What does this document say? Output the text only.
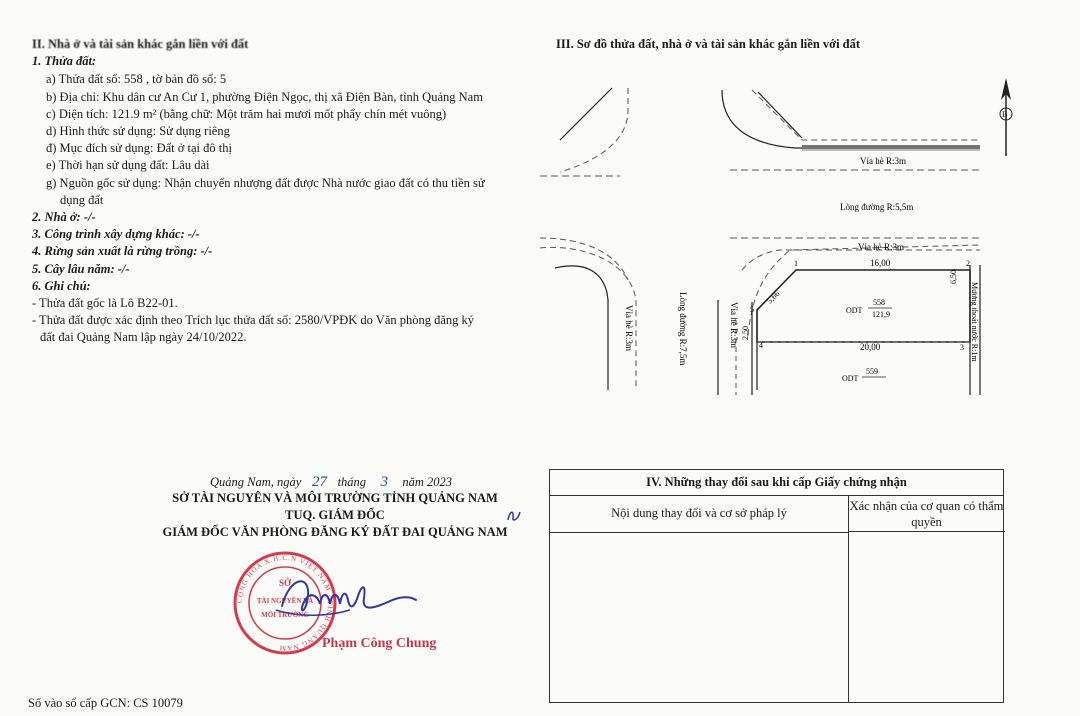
II. Nhà ở và tài sản khác gắn liền với đất
1. Thửa đất:
a) Thửa đất số: 558 , tờ bản đồ số: 5
b) Địa chỉ: Khu dân cư An Cư 1, phường Điện Ngọc, thị xã Điện Bàn, tỉnh Quảng Nam
c) Diện tích: 121.9 m² (bằng chữ: Một trăm hai mươi mốt phẩy chín mét vuông)
d) Hình thức sử dụng: Sử dụng riêng
đ) Mục đích sử dụng: Đất ở tại đô thị
e) Thời hạn sử dụng đất: Lâu dài
g) Nguồn gốc sử dụng: Nhận chuyển nhượng đất được Nhà nước giao đất có thu tiền sử
dụng đất
2. Nhà ở: -/-
3. Công trình xây dựng khác: -/-
4. Rừng sản xuất là rừng trồng: -/-
5. Cây lâu năm: -/-
6. Ghi chú:
- Thửa đất gốc là Lô B22-01.
- Thửa đất được xác định theo Trích lục thửa đất số: 2580/VPĐK do Văn phòng đăng ký
đất đai Quảng Nam lập ngày 24/10/2022.
Quảng Nam, ngày 27 tháng 3 năm 2023
SỞ TÀI NGUYÊN VÀ MÔI TRƯỜNG TỈNH QUẢNG NAM
TUQ. GIÁM ĐỐC
GIÁM ĐỐC VĂN PHÒNG ĐĂNG KÝ ĐẤT ĐAI QUẢNG NAM
CỘNG HÒA X.H.C.N VIỆT NAM · TỈNH QUẢNG NAM
SỞ
TÀI NGUYÊN VÀ
MÔI TRƯỜNG
Phạm Công Chung
Số vào sổ cấp GCN: CS 10079
III. Sơ đồ thửa đất, nhà ở và tài sản khác gắn liền với đất
Vỉa hè R:3m
Lòng đường R:5,5m
Vỉa hè R:3m
16,00
20,00
1	2
3
4
5	ODT
558
121,9
ODT
559
B
Vỉa hè R:3m	Lòng đường R:7,5m	Vỉa hè R:3m	Mương thoát nước R:1m
6,50
2,50
5,66
IV. Những thay đổi sau khi cấp Giấy chứng nhận
Nội dung thay đổi và cơ sở pháp lý	Xác nhận của cơ quan có thẩm quyền
